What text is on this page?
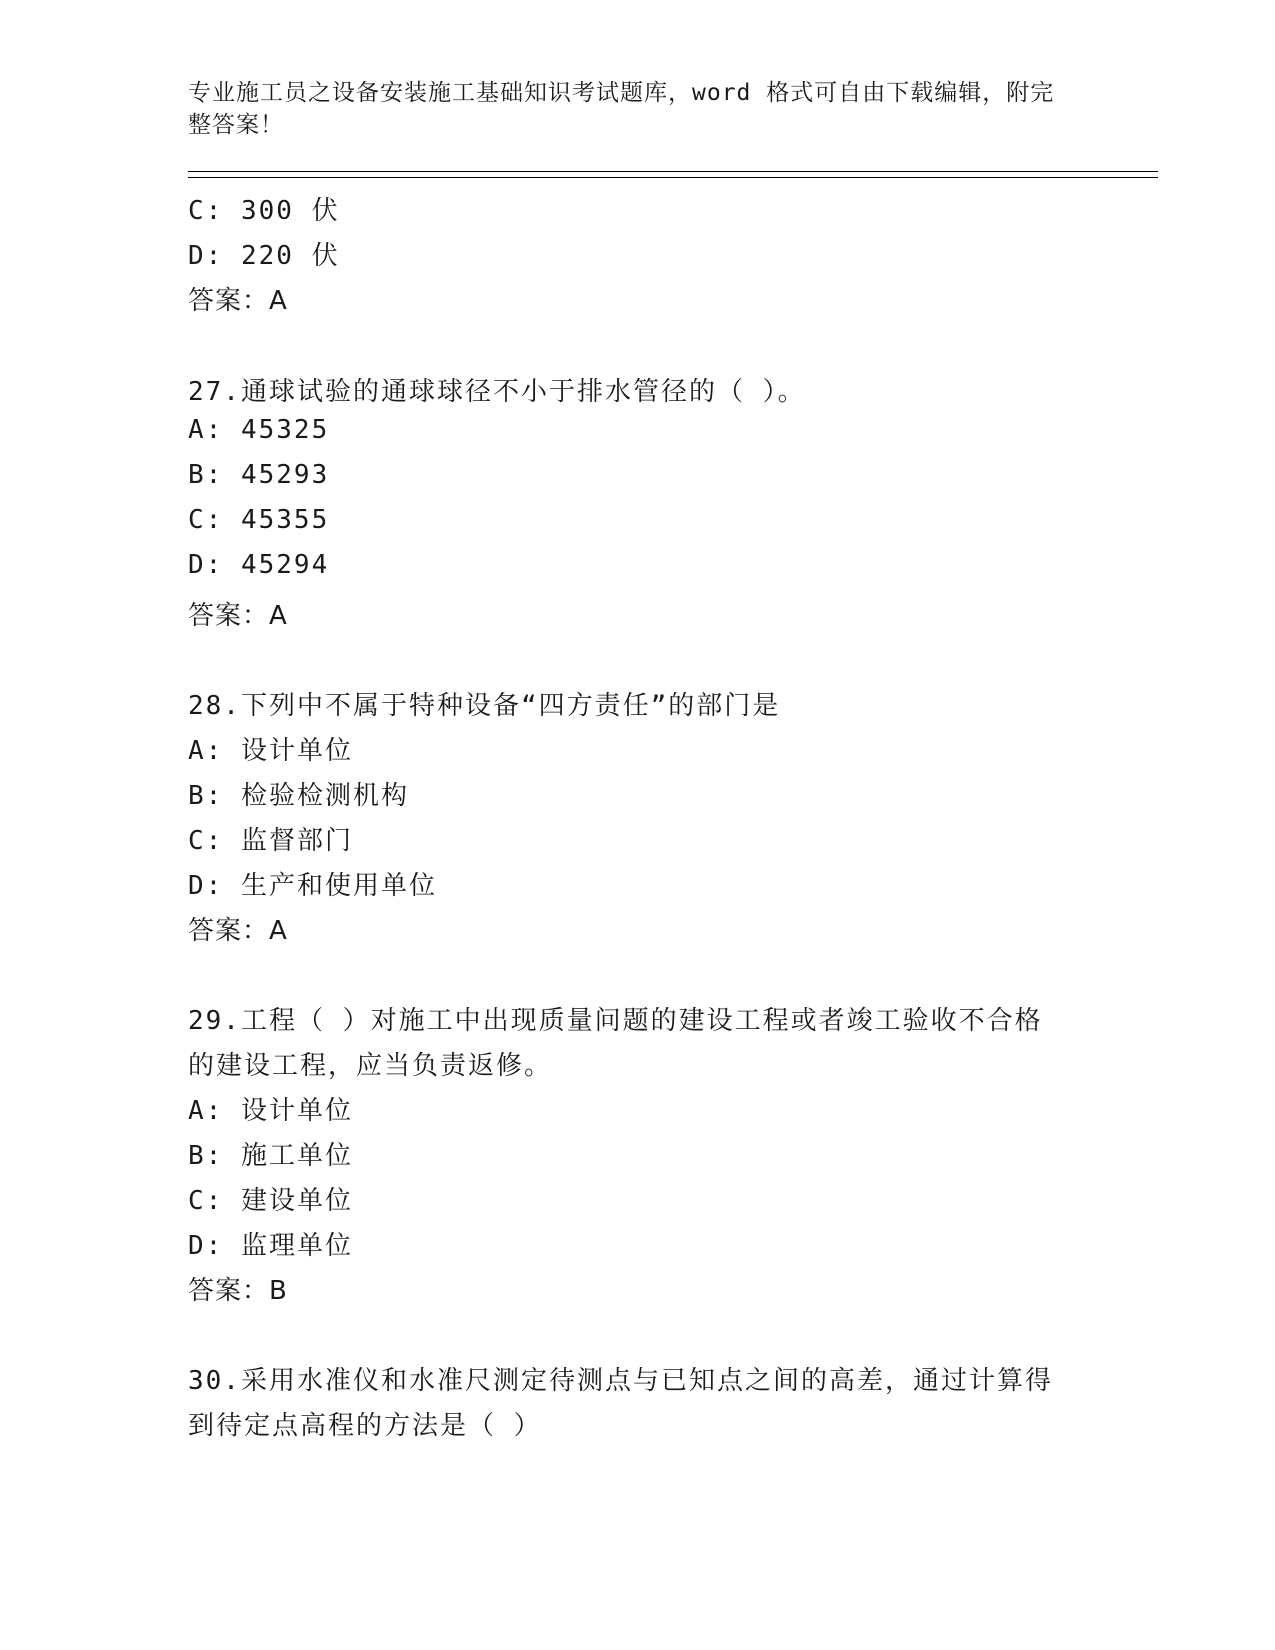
专业施工员之设备安装施工基础知识考试题库，word 格式可自由下载编辑，附完
整答案！
C: 300 伏
D: 220 伏
答案：A
27.通球试验的通球球径不小于排水管径的（ ）。
A: 45325
B: 45293
C: 45355
D: 45294
答案：A
28.下列中不属于特种设备“四方责任”的部门是
A: 设计单位
B: 检验检测机构
C: 监督部门
D: 生产和使用单位
答案：A
29.工程（ ）对施工中出现质量问题的建设工程或者竣工验收不合格
的建设工程，应当负责返修。
A: 设计单位
B: 施工单位
C: 建设单位
D: 监理单位
答案：B
30.采用水准仪和水准尺测定待测点与已知点之间的高差，通过计算得
到待定点高程的方法是（ ）
